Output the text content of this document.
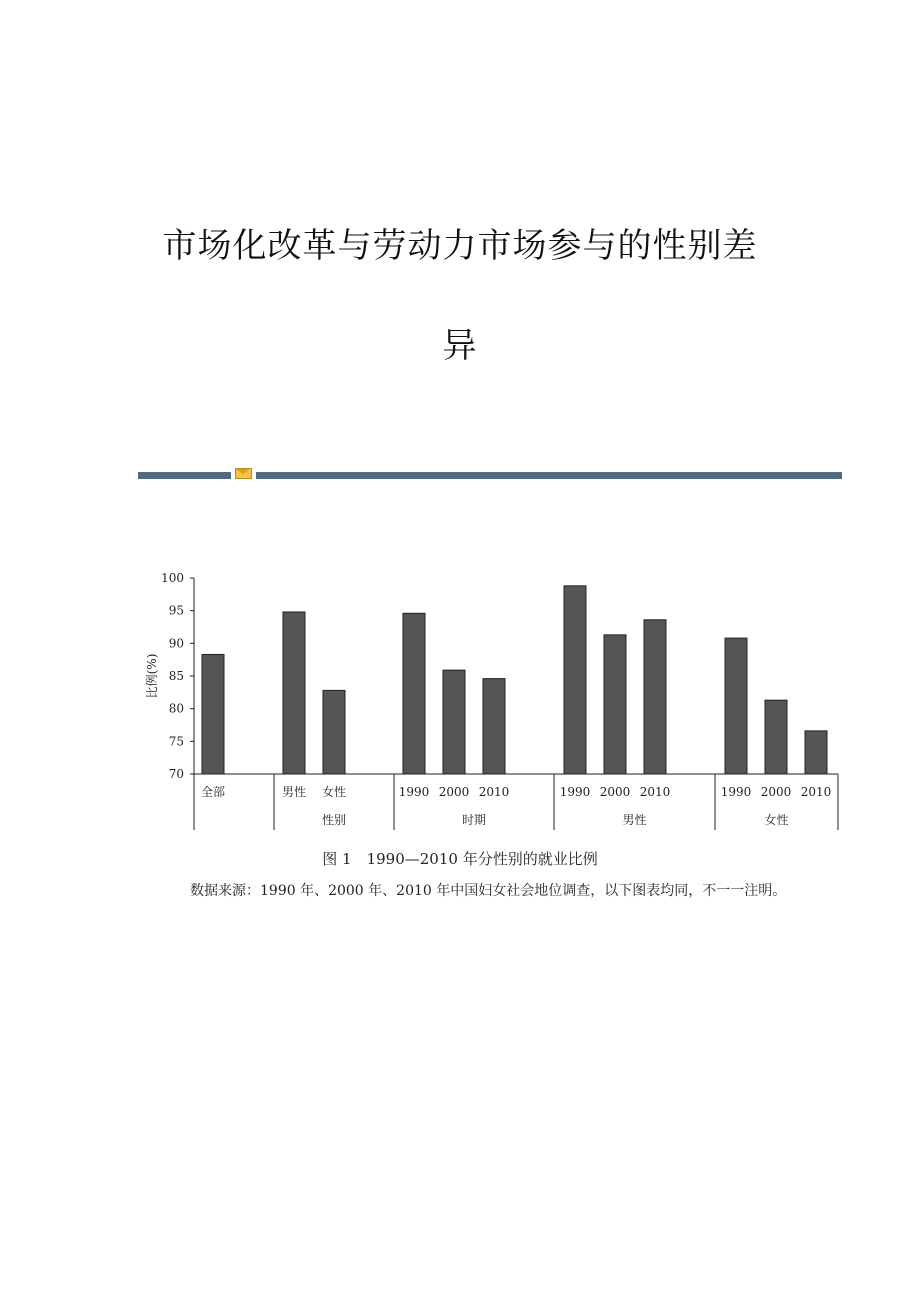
市场化改革与劳动力市场参与的性别差
异
70
75
80
85
90
95
100
比例(%)
全部	男性 女性
性别
1990 2000 2010
时期
1990 2000 2010
男性
1990 2000 2010
女性
图 1　1990—2010 年分性别的就业比例
数据来源：1990 年、2000 年、2010 年中国妇女社会地位调查，以下图表均同，不一一注明。
